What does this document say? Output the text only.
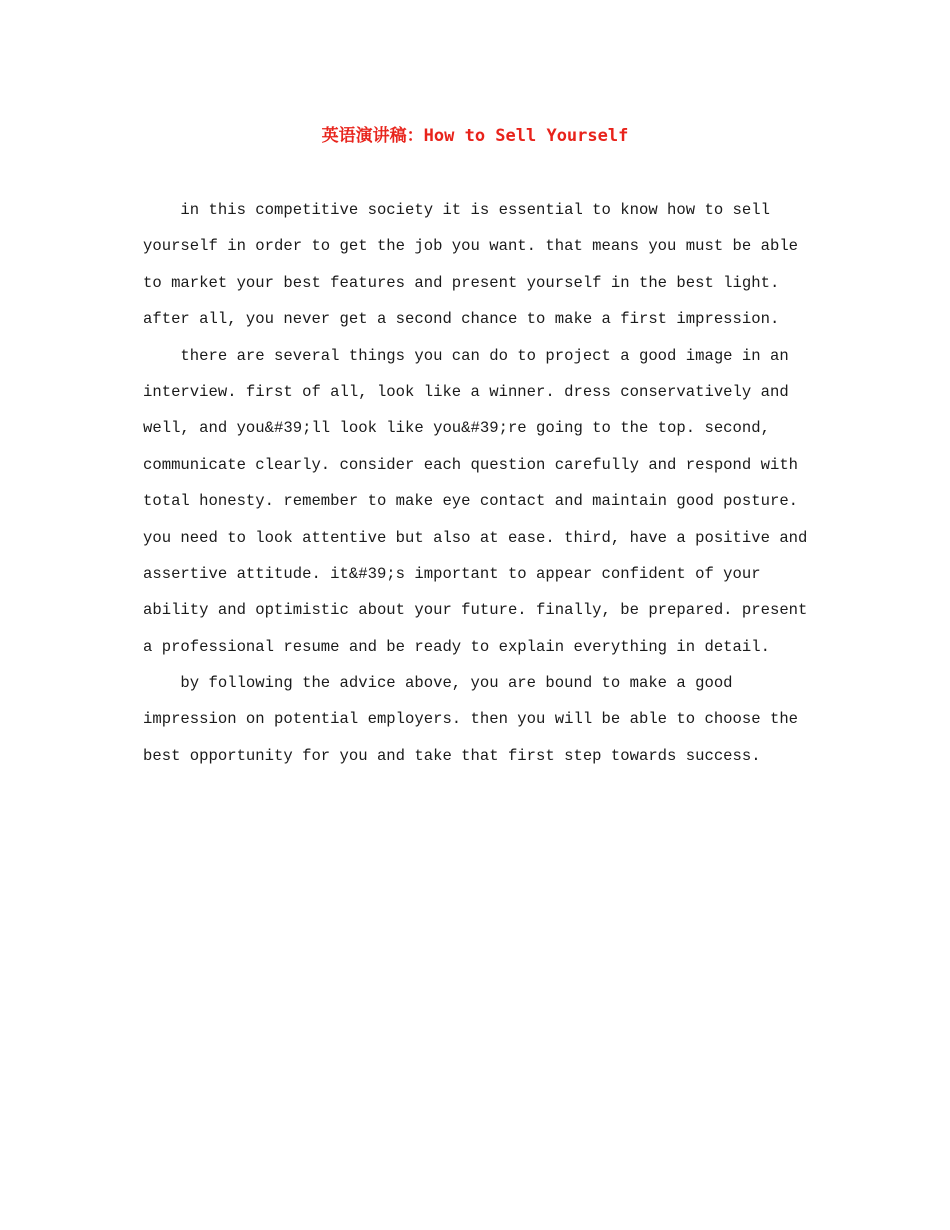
英语演讲稿：How to Sell Yourself
in this competitive society it is essential to know how to sell
yourself in order to get the job you want. that means you must be able
to market your best features and present yourself in the best light.
after all, you never get a second chance to make a first impression.
there are several things you can do to project a good image in an
interview. first of all, look like a winner. dress conservatively and
well, and you&#39;ll look like you&#39;re going to the top. second,
communicate clearly. consider each question carefully and respond with
total honesty. remember to make eye contact and maintain good posture.
you need to look attentive but also at ease. third, have a positive and
assertive attitude. it&#39;s important to appear confident of your
ability and optimistic about your future. finally, be prepared. present
a professional resume and be ready to explain everything in detail.
by following the advice above, you are bound to make a good
impression on potential employers. then you will be able to choose the
best opportunity for you and take that first step towards success.
